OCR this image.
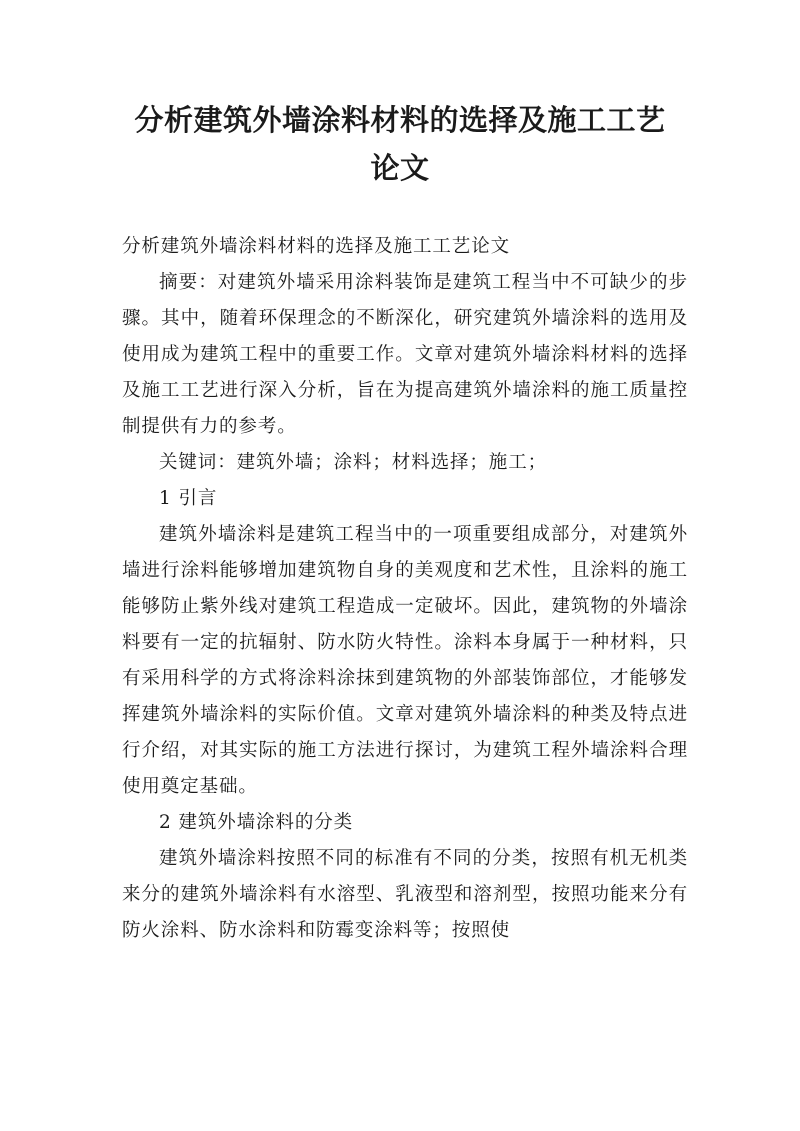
分析建筑外墙涂料材料的选择及施工工艺
论文

分析建筑外墙涂料材料的选择及施工工艺论文

摘要：对建筑外墙采用涂料装饰是建筑工程当中不可缺少的步骤。其中，随着环保理念的不断深化，研究建筑外墙涂料的选用及使用成为建筑工程中的重要工作。文章对建筑外墙涂料材料的选择及施工工艺进行深入分析，旨在为提高建筑外墙涂料的施工质量控制提供有力的参考。

关键词：建筑外墙；涂料；材料选择；施工；

1 引言

建筑外墙涂料是建筑工程当中的一项重要组成部分，对建筑外墙进行涂料能够增加建筑物自身的美观度和艺术性，且涂料的施工能够防止紫外线对建筑工程造成一定破坏。因此，建筑物的外墙涂料要有一定的抗辐射、防水防火特性。涂料本身属于一种材料，只有采用科学的方式将涂料涂抹到建筑物的外部装饰部位，才能够发挥建筑外墙涂料的实际价值。文章对建筑外墙涂料的种类及特点进行介绍，对其实际的施工方法进行探讨，为建筑工程外墙涂料合理使用奠定基础。

2 建筑外墙涂料的分类

建筑外墙涂料按照不同的标准有不同的分类，按照有机无机类来分的建筑外墙涂料有水溶型、乳液型和溶剂型，按照功能来分有防火涂料、防水涂料和防霉变涂料等；按照使
